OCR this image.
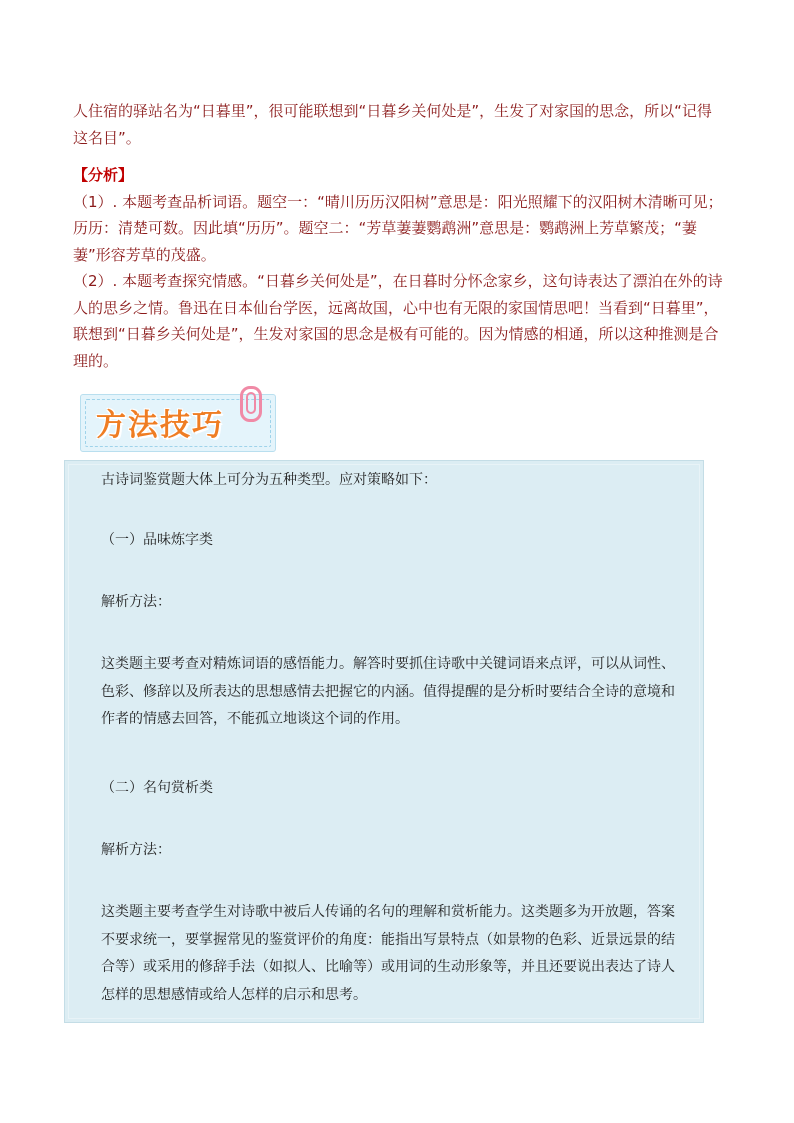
人住宿的驿站名为“日暮里”，很可能联想到“日暮乡关何处是”，生发了对家国的思念，所以“记得这名目”。

【分析】

（1）. 本题考查品析词语。题空一：“晴川历历汉阳树”意思是：阳光照耀下的汉阳树木清晰可见；历历：清楚可数。因此填“历历”。题空二：“芳草萋萋鹦鹉洲”意思是：鹦鹉洲上芳草繁茂；“萋萋”形容芳草的茂盛。

（2）. 本题考查探究情感。“日暮乡关何处是”，在日暮时分怀念家乡，这句诗表达了漂泊在外的诗人的思乡之情。鲁迅在日本仙台学医，远离故国，心中也有无限的家国情思吧！当看到“日暮里”，联想到“日暮乡关何处是”，生发对家国的思念是极有可能的。因为情感的相通，所以这种推测是合理的。

方法技巧

古诗词鉴赏题大体上可分为五种类型。应对策略如下：

（一）品味炼字类

解析方法：

这类题主要考查对精炼词语的感悟能力。解答时要抓住诗歌中关键词语来点评，可以从词性、色彩、修辞以及所表达的思想感情去把握它的内涵。值得提醒的是分析时要结合全诗的意境和作者的情感去回答，不能孤立地谈这个词的作用。

（二）名句赏析类

解析方法：

这类题主要考查学生对诗歌中被后人传诵的名句的理解和赏析能力。这类题多为开放题，答案不要求统一，要掌握常见的鉴赏评价的角度：能指出写景特点（如景物的色彩、近景远景的结合等）或采用的修辞手法（如拟人、比喻等）或用词的生动形象等，并且还要说出表达了诗人怎样的思想感情或给人怎样的启示和思考。
